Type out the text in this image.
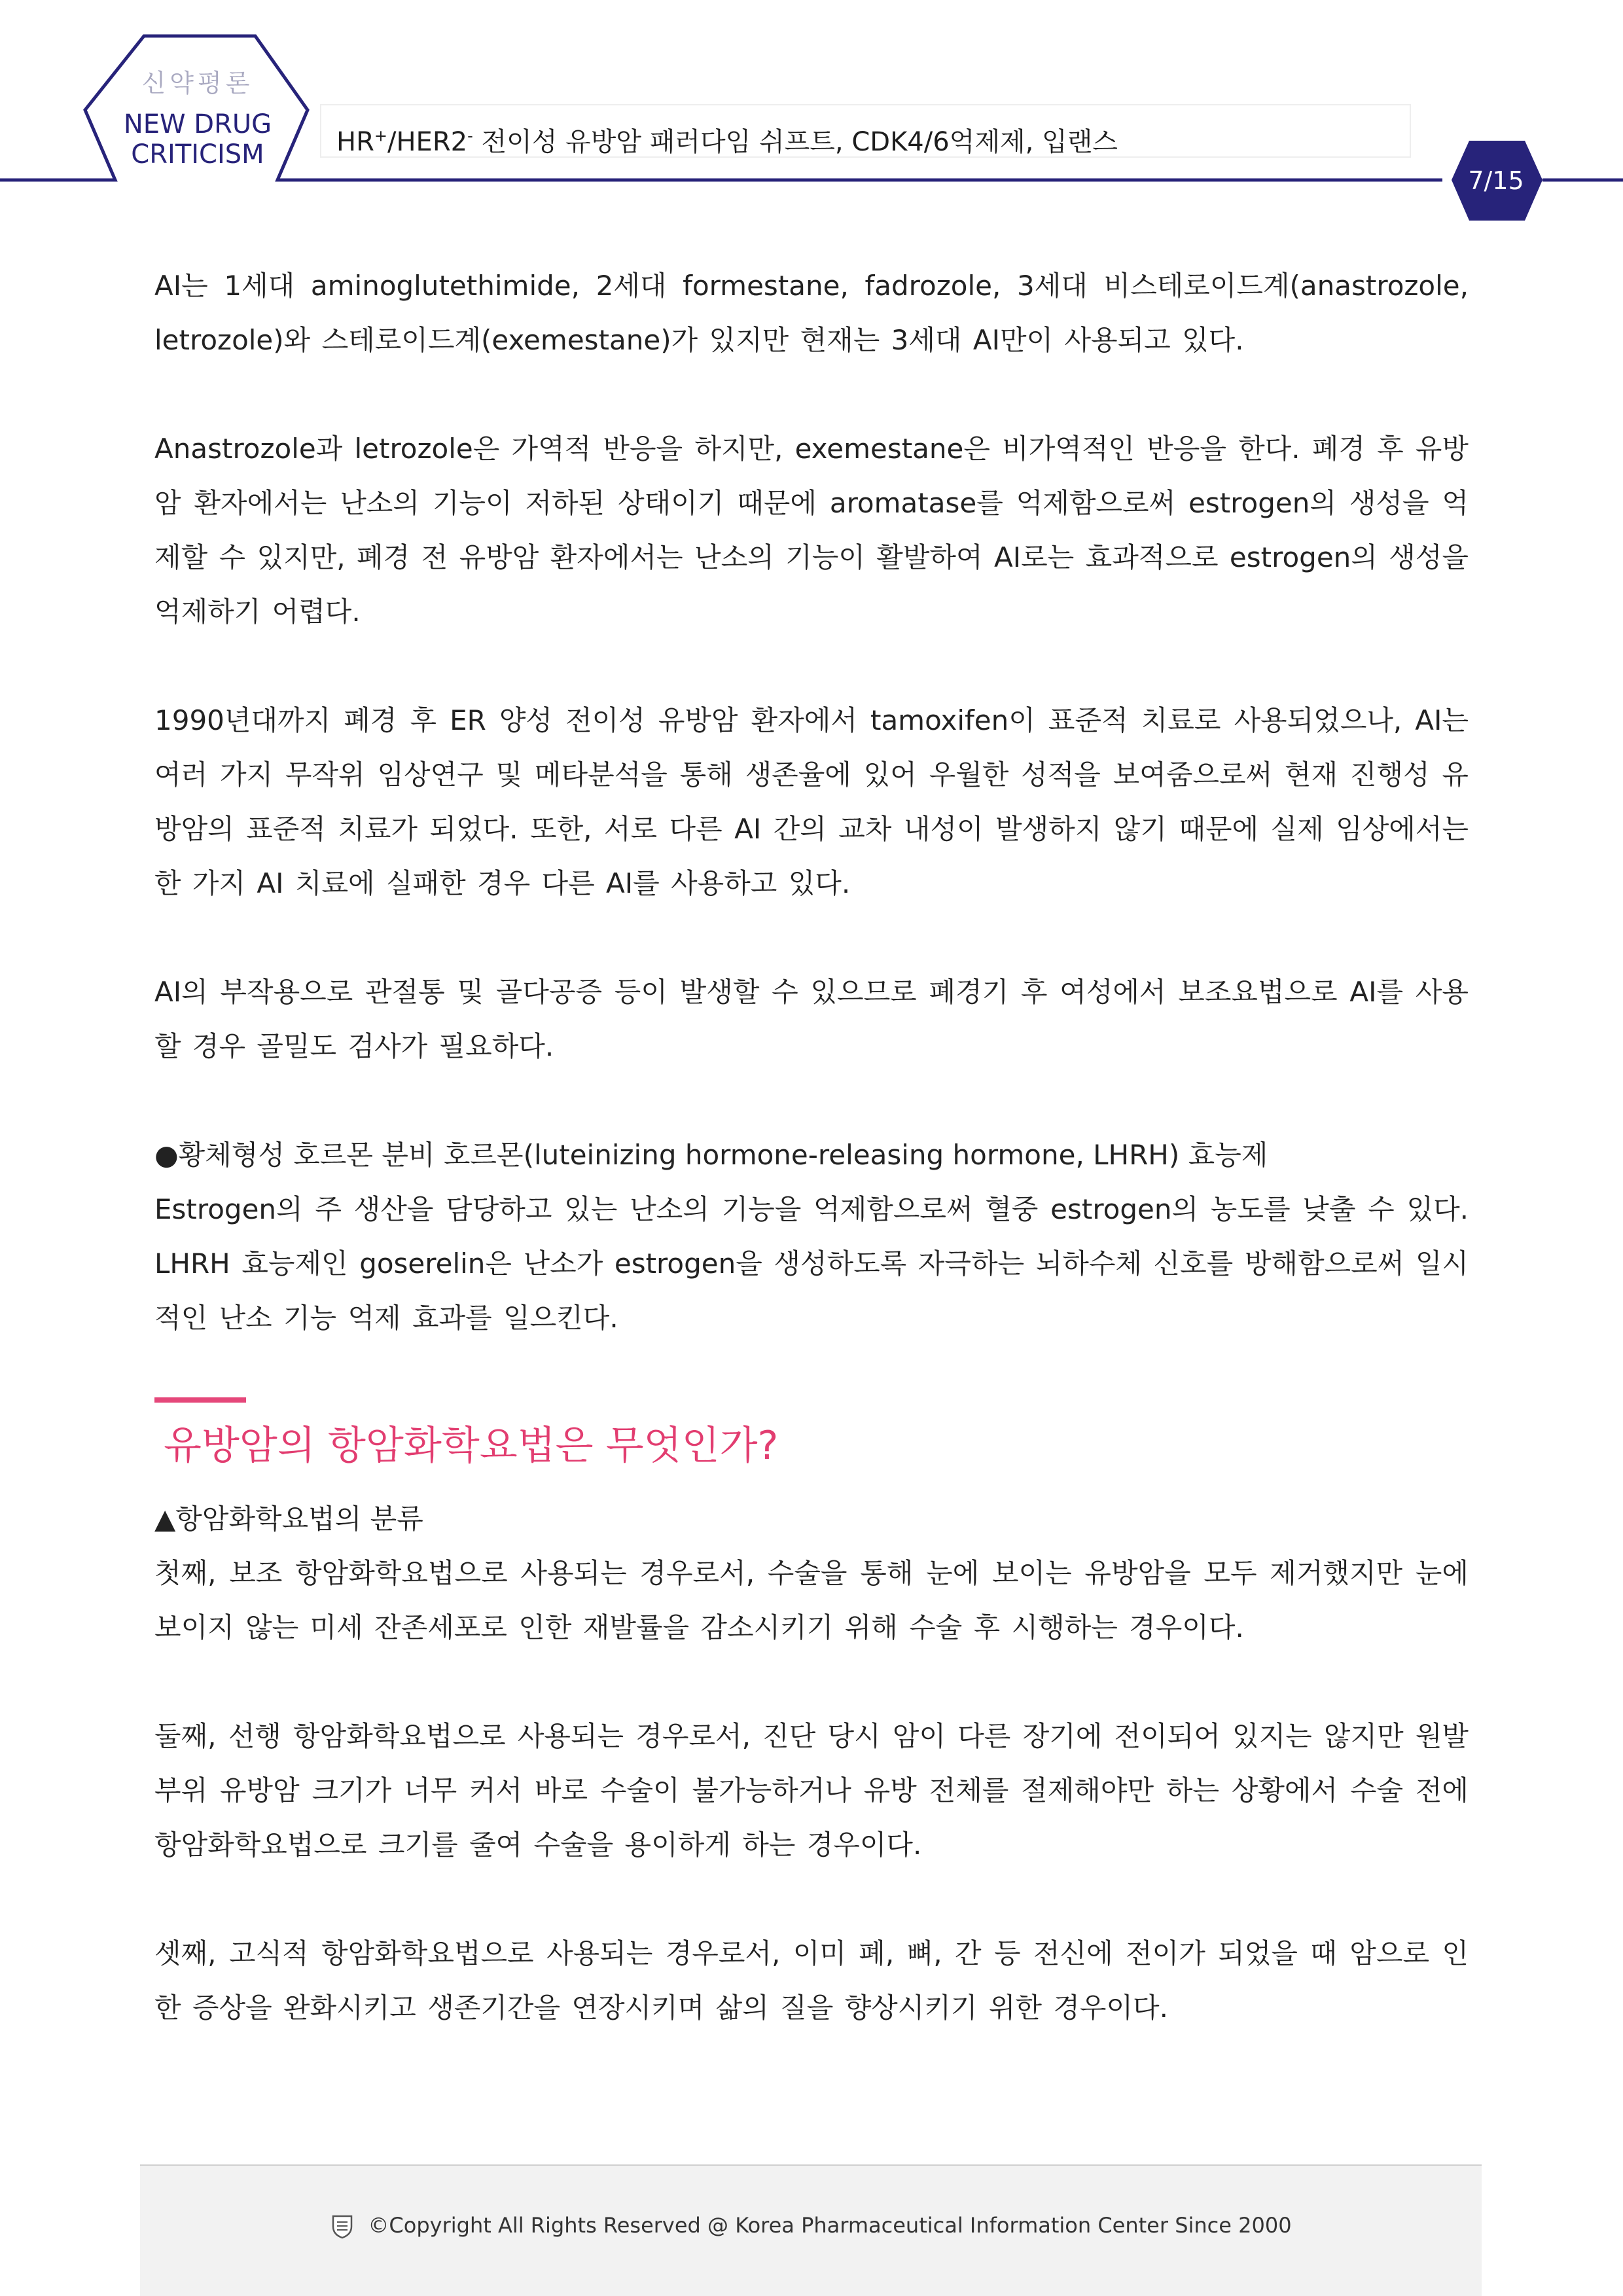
신약평론
NEW DRUG
CRITICISM	HR+/HER2- 전이성 유방암 패러다임 쉬프트, CDK4/6억제제, 입랜스
7/15

AI는 1세대 aminoglutethimide, 2세대 formestane, fadrozole, 3세대 비스테로이드계(anastrozole, letrozole)와 스테로이드계(exemestane)가 있지만 현재는 3세대 AI만이 사용되고 있다.

Anastrozole과 letrozole은 가역적 반응을 하지만, exemestane은 비가역적인 반응을 한다. 폐경 후 유방암 환자에서는 난소의 기능이 저하된 상태이기 때문에 aromatase를 억제함으로써 estrogen의 생성을 억제할 수 있지만, 폐경 전 유방암 환자에서는 난소의 기능이 활발하여 AI로는 효과적으로 estrogen의 생성을 억제하기 어렵다.

1990년대까지 폐경 후 ER 양성 전이성 유방암 환자에서 tamoxifen이 표준적 치료로 사용되었으나, AI는 여러 가지 무작위 임상연구 및 메타분석을 통해 생존율에 있어 우월한 성적을 보여줌으로써 현재 진행성 유방암의 표준적 치료가 되었다. 또한, 서로 다른 AI 간의 교차 내성이 발생하지 않기 때문에 실제 임상에서는 한 가지 AI 치료에 실패한 경우 다른 AI를 사용하고 있다.

AI의 부작용으로 관절통 및 골다공증 등이 발생할 수 있으므로 폐경기 후 여성에서 보조요법으로 AI를 사용할 경우 골밀도 검사가 필요하다.

●황체형성 호르몬 분비 호르몬(luteinizing hormone-releasing hormone, LHRH) 효능제

Estrogen의 주 생산을 담당하고 있는 난소의 기능을 억제함으로써 혈중 estrogen의 농도를 낮출 수 있다. LHRH 효능제인 goserelin은 난소가 estrogen을 생성하도록 자극하는 뇌하수체 신호를 방해함으로써 일시적인 난소 기능 억제 효과를 일으킨다.

유방암의 항암화학요법은 무엇인가?

▲항암화학요법의 분류

첫째, 보조 항암화학요법으로 사용되는 경우로서, 수술을 통해 눈에 보이는 유방암을 모두 제거했지만 눈에 보이지 않는 미세 잔존세포로 인한 재발률을 감소시키기 위해 수술 후 시행하는 경우이다.

둘째, 선행 항암화학요법으로 사용되는 경우로서, 진단 당시 암이 다른 장기에 전이되어 있지는 않지만 원발 부위 유방암 크기가 너무 커서 바로 수술이 불가능하거나 유방 전체를 절제해야만 하는 상황에서 수술 전에 항암화학요법으로 크기를 줄여 수술을 용이하게 하는 경우이다.

셋째, 고식적 항암화학요법으로 사용되는 경우로서, 이미 폐, 뼈, 간 등 전신에 전이가 되었을 때 암으로 인한 증상을 완화시키고 생존기간을 연장시키며 삶의 질을 향상시키기 위한 경우이다.

©Copyright All Rights Reserved @ Korea Pharmaceutical Information Center Since 2000
